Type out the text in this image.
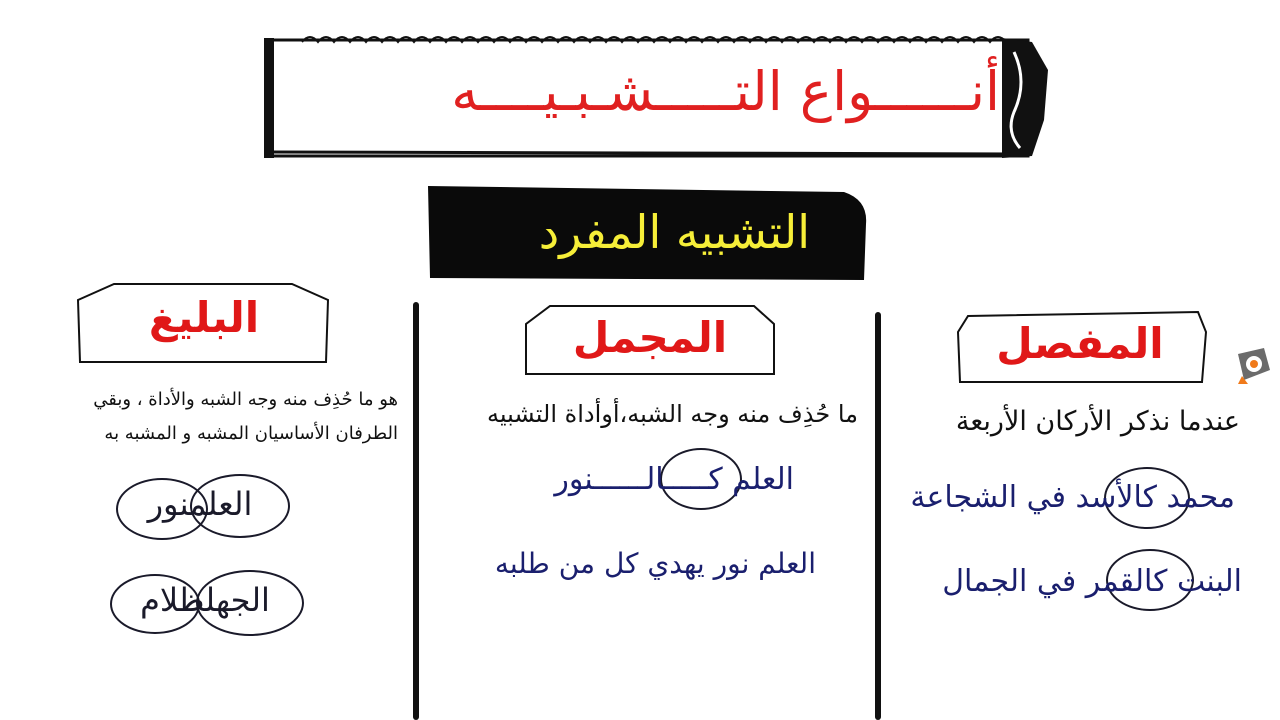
أنــــــواع التـــــشـبـيــــه
التشبيه المفرد
المفصل
عندما نذكر الأركان الأربعة
محمد كالأسد في الشجاعة
البنت كالقمر في الجمال
المجمل
ما حُذِف منه وجه الشبه،أوأداة التشبيه
العلم كـــــالــــــنور
العلم نور يهدي كل من طلبه
البليغ
هو ما حُذِف منه وجه الشبه والأداة ، وبقي
الطرفان الأساسيان المشبه و المشبه به
العلمنور
الجهلظلام
